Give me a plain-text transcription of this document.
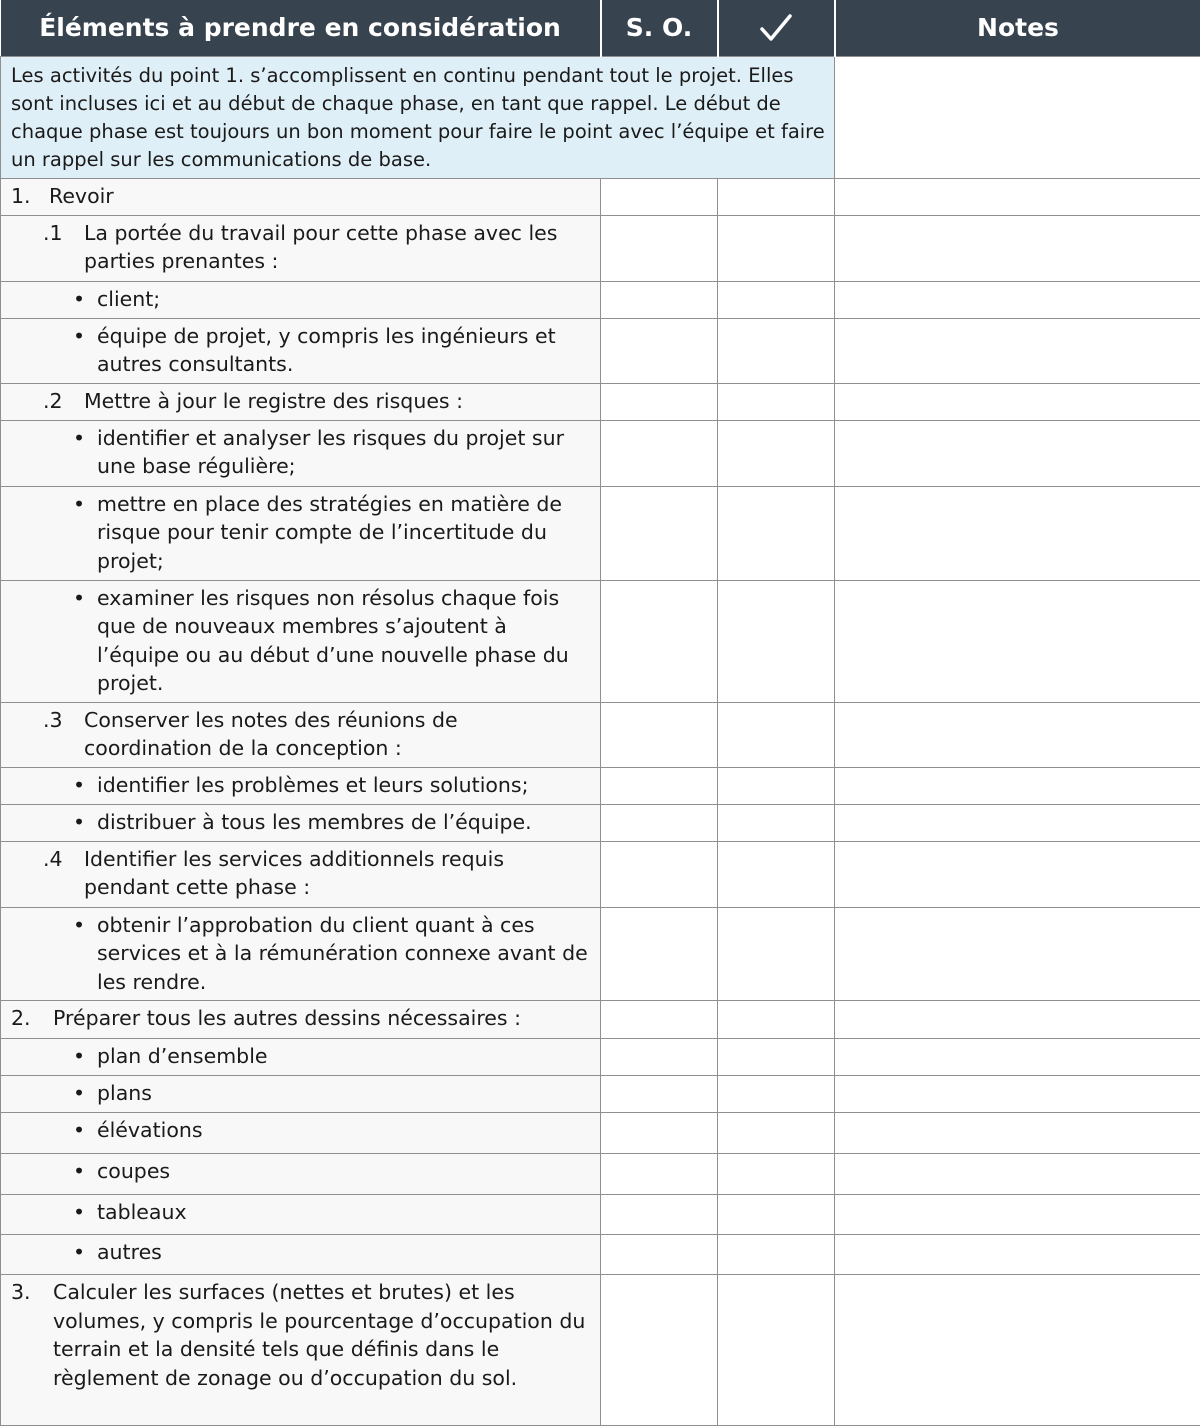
Éléments à prendre en considération	S. O.		Notes
Les activités du point 1. s’accomplissent en continu pendant tout le projet. Elles sont incluses ici et au début de chaque phase, en tant que rappel. Le début de chaque phase est toujours un bon moment pour faire le point avec l’équipe et faire un rappel sur les communications de base.			

1. Revoir			

.1 La portée du travail pour cette phase avec les parties prenantes :			

• client;			

• équipe de projet, y compris les ingénieurs et autres consultants.			

.2 Mettre à jour le registre des risques :			

• identifier et analyser les risques du projet sur une base régulière;			

• mettre en place des stratégies en matière de risque pour tenir compte de l’incertitude du projet;			

• examiner les risques non résolus chaque fois que de nouveaux membres s’ajoutent à l’équipe ou au début d’une nouvelle phase du projet.			

.3 Conserver les notes des réunions de coordination de la conception :			

• identifier les problèmes et leurs solutions;			

• distribuer à tous les membres de l’équipe.			

.4 Identifier les services additionnels requis pendant cette phase :			

• obtenir l’approbation du client quant à ces services et à la rémunération connexe avant de les rendre.			

2. Préparer tous les autres dessins nécessaires :			

• plan d’ensemble			

• plans			

• élévations			

• coupes			

• tableaux			

• autres			

3. Calculer les surfaces (nettes et brutes) et les volumes, y compris le pourcentage d’occupation du terrain et la densité tels que définis dans le règlement de zonage ou d’occupation du sol.			
